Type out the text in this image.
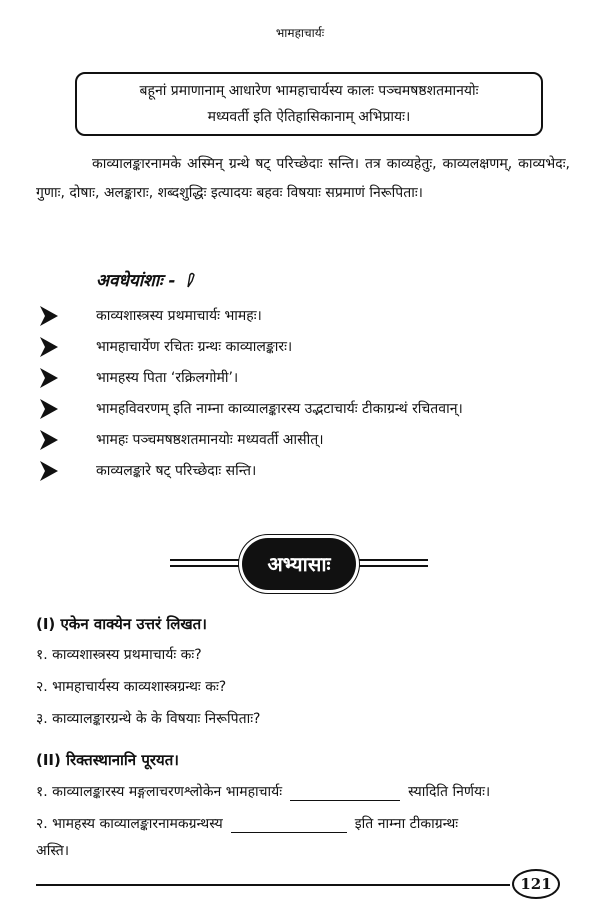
भामहाचार्यः
बहूनां प्रमाणानाम् आधारेण भामहाचार्यस्य कालः पञ्चमषष्ठशतमानयोः
मध्यवर्ती इति ऐतिहासिकानाम् अभिप्रायः।
काव्यालङ्कारनामके अस्मिन् ग्रन्थे षट् परिच्छेदाः सन्ति। तत्र काव्यहेतुः, काव्यलक्षणम्, काव्यभेदः, गुणाः, दोषाः, अलङ्काराः, शब्दशुद्धिः इत्यादयः बहवः विषयाः सप्रमाणं निरूपिताः।
अवधेयांशाः -
काव्यशास्त्रस्य प्रथमाचार्यः भामहः।
भामहाचार्येण रचितः ग्रन्थः काव्यालङ्कारः।
भामहस्य पिता ‘रक्रिलगोमी’।
भामहविवरणम् इति नाम्ना काव्यालङ्कारस्य उद्भटाचार्यः टीकाग्रन्थं रचितवान्।
भामहः पञ्चमषष्ठशतमानयोः मध्यवर्ती आसीत्।
काव्यलङ्कारे षट् परिच्छेदाः सन्ति।
अभ्यासाः
(I) एकेन वाक्येन उत्तरं लिखत।
१. काव्यशास्त्रस्य प्रथमाचार्यः कः?
२. भामहाचार्यस्य काव्यशास्त्रग्रन्थः कः?
३. काव्यालङ्कारग्रन्थे के के विषयाः निरूपिताः?
(II) रिक्तस्थानानि पूरयत।
१. काव्यालङ्कारस्य मङ्गलाचरणश्लोकेन भामहाचार्यः	स्यादिति निर्णयः।
२. भामहस्य काव्यालङ्कारनामकग्रन्थस्य	इति नाम्ना टीकाग्रन्थः
अस्ति।
121
